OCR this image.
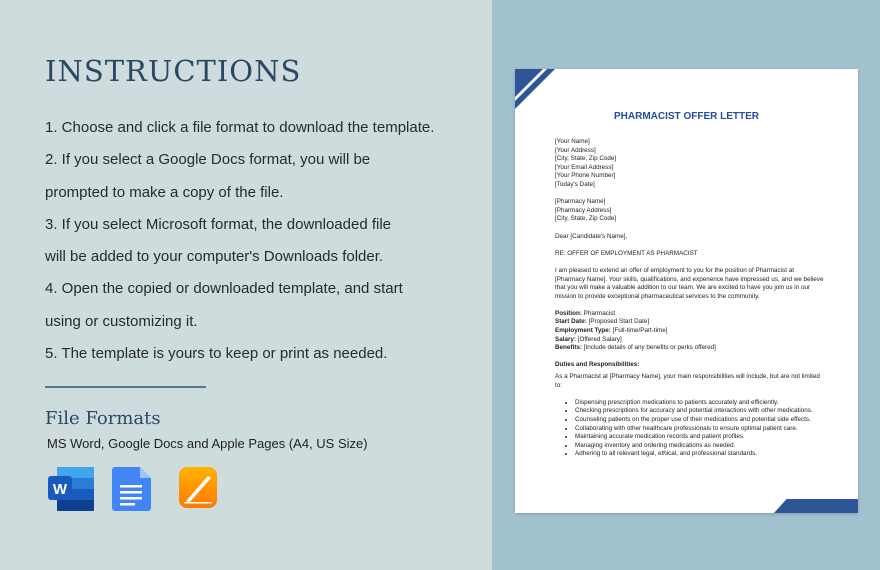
INSTRUCTIONS
1. Choose and click a file format to download the template.
2. If you select a Google Docs format, you will be
prompted to make a copy of the file.
3. If you select Microsoft format, the downloaded file
will be added to your computer's Downloads folder.
4. Open the copied or downloaded template, and start
using or customizing it.
5. The template is yours to keep or print as needed.
File Formats
MS Word, Google Docs and Apple Pages (A4, US Size)
W
PHARMACIST OFFER LETTER

[Your Name]
[Your Address]
[City, State, Zip Code]
[Your Email Address]
[Your Phone Number]
[Today's Date]

[Pharmacy Name]
[Pharmacy Address]
[City, State, Zip Code]

Dear [Candidate's Name],

RE: OFFER OF EMPLOYMENT AS PHARMACIST

I am pleased to extend an offer of employment to you for the position of Pharmacist at [Pharmacy Name]. Your skills, qualifications, and experience have impressed us, and we believe that you will make a valuable addition to our team. We are excited to have you join us in our mission to provide exceptional pharmaceutical services to the community.

Position: Pharmacist
Start Date: [Proposed Start Date]
Employment Type: [Full-time/Part-time]
Salary: [Offered Salary]
Benefits: [Include details of any benefits or perks offered]

Duties and Responsibilities:

As a Pharmacist at [Pharmacy Name], your main responsibilities will include, but are not limited to:

• Dispensing prescription medications to patients accurately and efficiently.
• Checking prescriptions for accuracy and potential interactions with other medications.
• Counseling patients on the proper use of their medications and potential side effects.
• Collaborating with other healthcare professionals to ensure optimal patient care.
• Maintaining accurate medication records and patient profiles.
• Managing inventory and ordering medications as needed.
• Adhering to all relevant legal, ethical, and professional standards.
